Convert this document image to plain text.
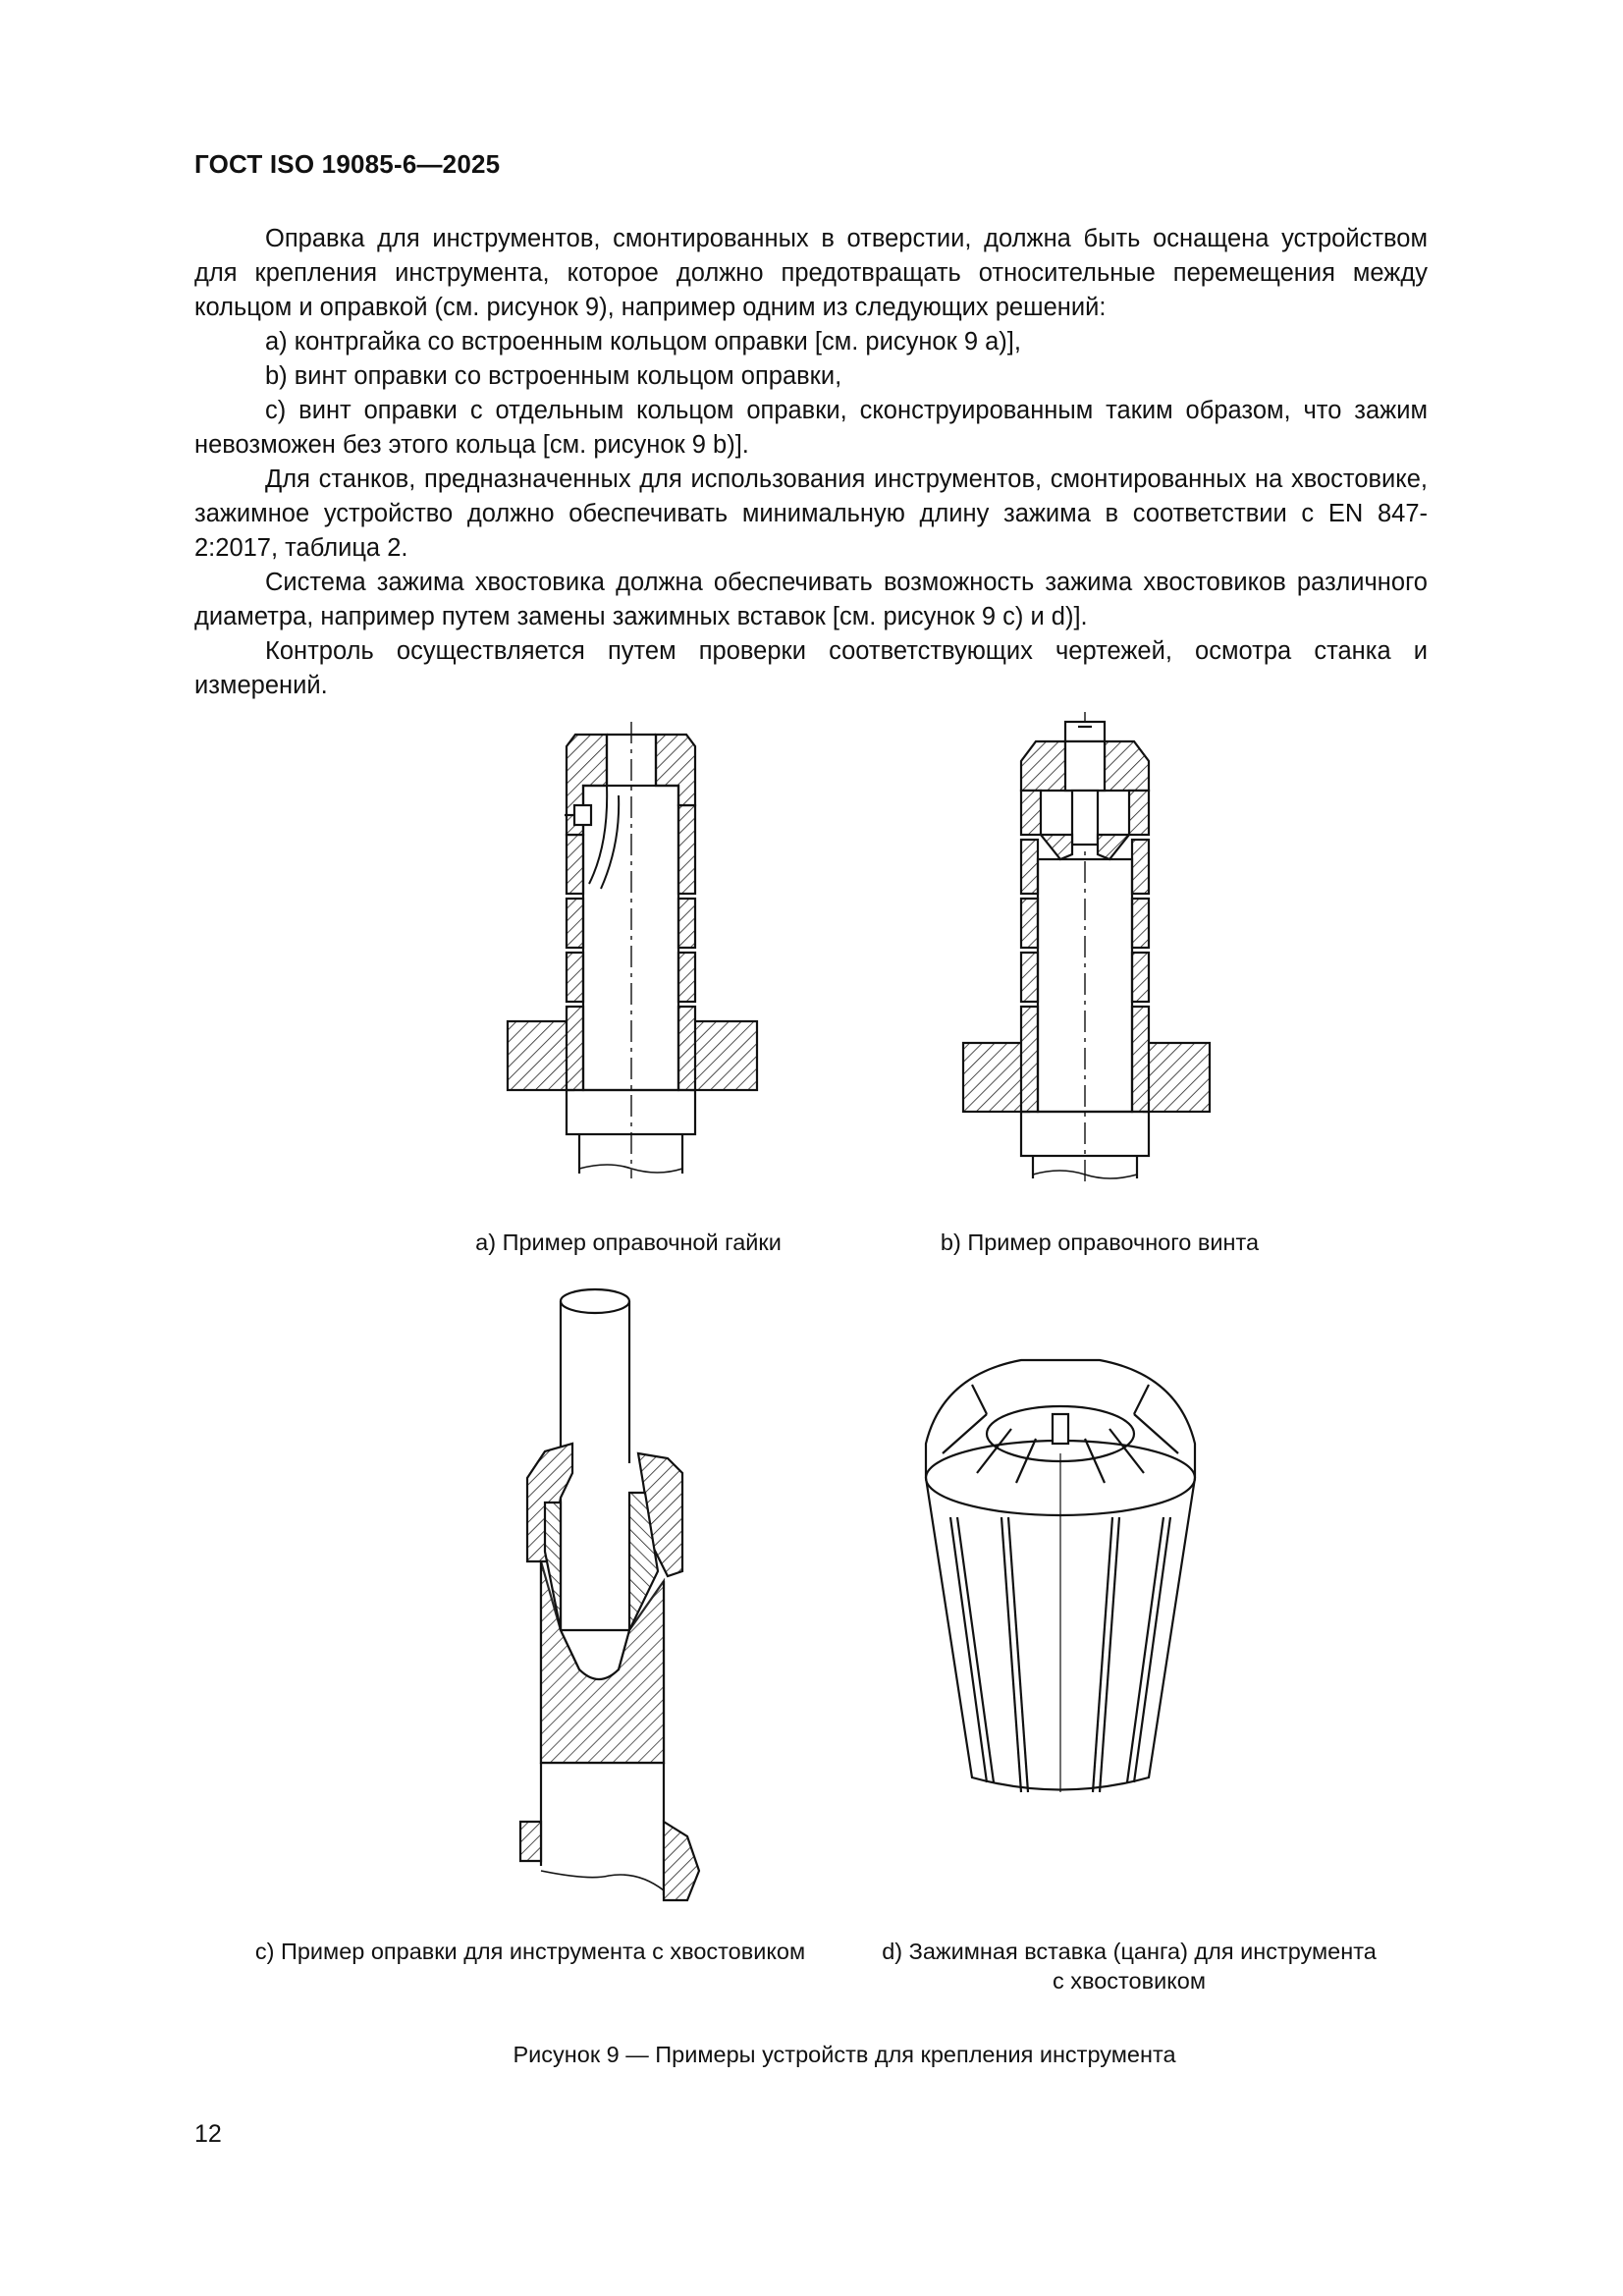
ГОСТ ISO 19085-6—2025

Оправка для инструментов, смонтированных в отверстии, должна быть оснащена устройством для крепления инструмента, которое должно предотвращать относительные перемещения между кольцом и оправкой (см. рисунок 9), например одним из следующих решений:

a) контргайка со встроенным кольцом оправки [см. рисунок 9 a)],

b) винт оправки со встроенным кольцом оправки,

c) винт оправки с отдельным кольцом оправки, сконструированным таким образом, что зажим невозможен без этого кольца [см. рисунок 9 b)].

Для станков, предназначенных для использования инструментов, смонтированных на хвостовике, зажимное устройство должно обеспечивать минимальную длину зажима в соответствии с EN 847-2:2017, таблица 2.

Система зажима хвостовика должна обеспечивать возможность зажима хвостовиков различного диаметра, например путем замены зажимных вставок [см. рисунок 9 c) и d)].

Контроль осуществляется путем проверки соответствующих чертежей, осмотра станка и измерений.

a) Пример оправочной гайки	b) Пример оправочного винта
c) Пример оправки для инструмента с хвостовиком	d) Зажимная вставка (цанга) для инструмента
с хвостовиком
Рисунок 9 — Примеры устройств для крепления инструмента
12
